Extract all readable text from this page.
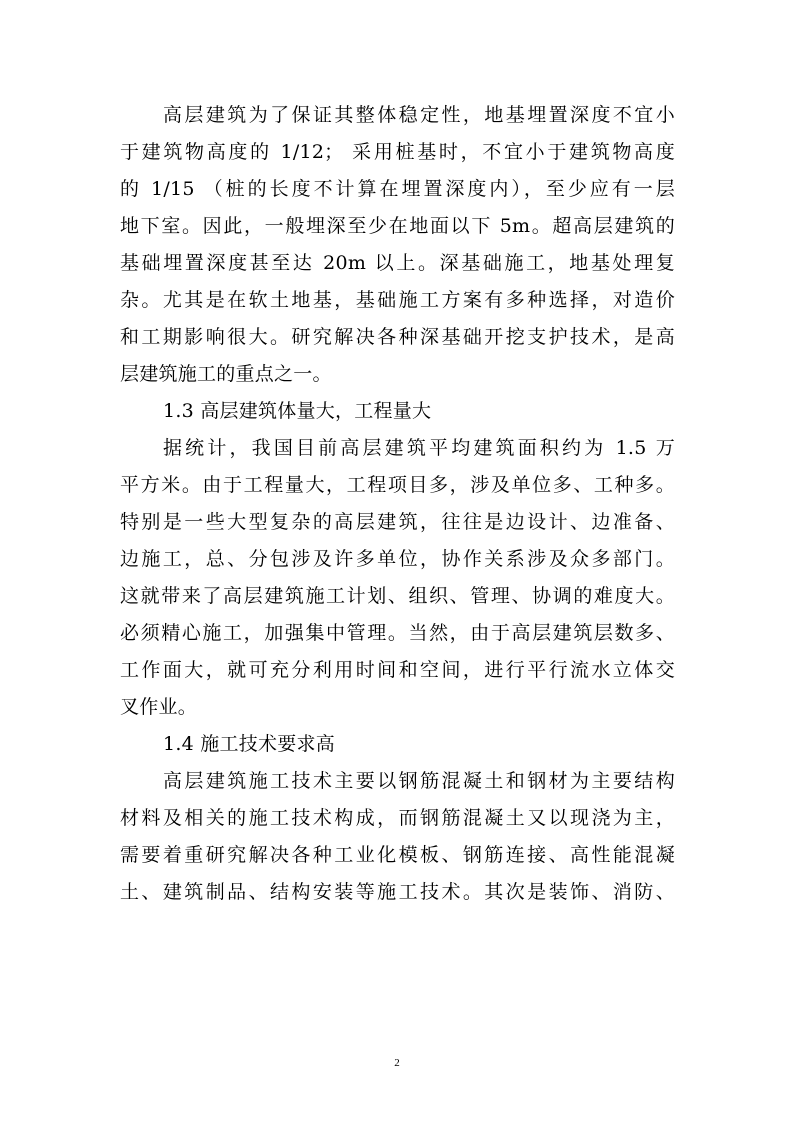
高层建筑为了保证其整体稳定性，地基埋置深度不宜小
于建筑物高度的 1/12； 采用桩基时，不宜小于建筑物高度
的 1/15 （桩的长度不计算在埋置深度内），至少应有一层
地下室。因此，一般埋深至少在地面以下 5m。超高层建筑的
基础埋置深度甚至达 20m 以上。深基础施工，地基处理复
杂。尤其是在软土地基，基础施工方案有多种选择，对造价
和工期影响很大。研究解决各种深基础开挖支护技术，是高
层建筑施工的重点之一。
1.3 高层建筑体量大，工程量大
据统计，我国目前高层建筑平均建筑面积约为 1.5 万
平方米。由于工程量大，工程项目多，涉及单位多、工种多。
特别是一些大型复杂的高层建筑，往往是边设计、边准备、
边施工，总、分包涉及许多单位，协作关系涉及众多部门。
这就带来了高层建筑施工计划、组织、管理、协调的难度大。
必须精心施工，加强集中管理。当然，由于高层建筑层数多、
工作面大，就可充分利用时间和空间，进行平行流水立体交
叉作业。
1.4 施工技术要求高
高层建筑施工技术主要以钢筋混凝土和钢材为主要结构
材料及相关的施工技术构成，而钢筋混凝土又以现浇为主，
需要着重研究解决各种工业化模板、钢筋连接、高性能混凝
土、建筑制品、结构安装等施工技术。其次是装饰、消防、
2
